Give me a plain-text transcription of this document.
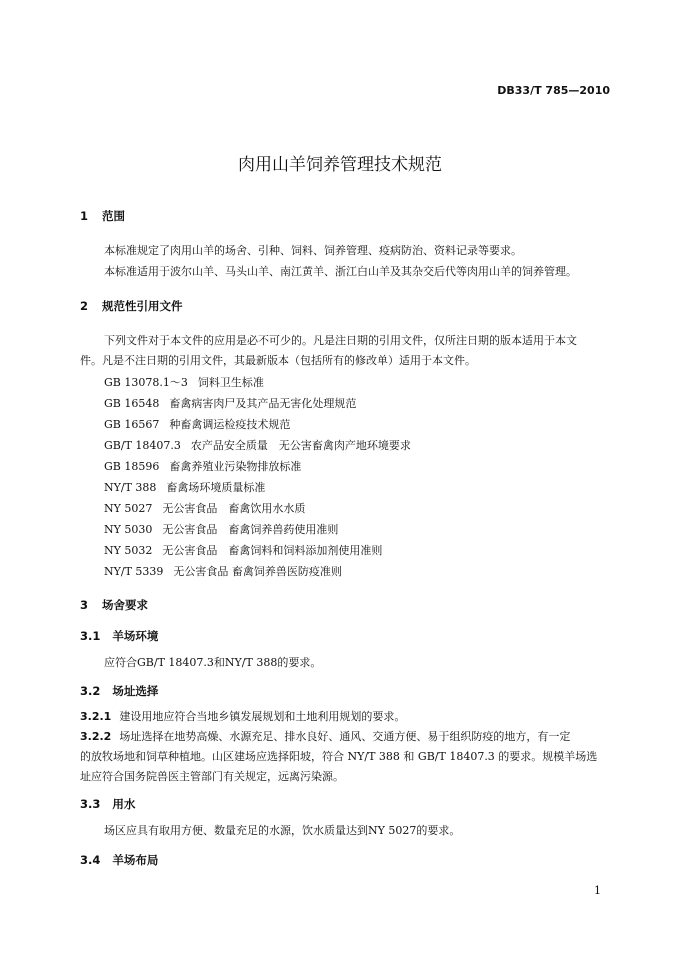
DB33/T 785—2010
肉用山羊饲养管理技术规范
1 范围
本标准规定了肉用山羊的场舍、引种、饲料、饲养管理、疫病防治、资料记录等要求。
本标准适用于波尔山羊、马头山羊、南江黄羊、浙江白山羊及其杂交后代等肉用山羊的饲养管理。
2 规范性引用文件
下列文件对于本文件的应用是必不可少的。凡是注日期的引用文件，仅所注日期的版本适用于本文
件。凡是不注日期的引用文件，其最新版本（包括所有的修改单）适用于本文件。
GB 13078.1～3 饲料卫生标准
GB 16548 畜禽病害肉尸及其产品无害化处理规范
GB 16567 种畜禽调运检疫技术规范
GB/T 18407.3 农产品安全质量　无公害畜禽肉产地环境要求
GB 18596 畜禽养殖业污染物排放标准
NY/T 388 畜禽场环境质量标准
NY 5027 无公害食品　畜禽饮用水水质
NY 5030 无公害食品　畜禽饲养兽药使用准则
NY 5032 无公害食品　畜禽饲料和饲料添加剂使用准则
NY/T 5339 无公害食品 畜禽饲养兽医防疫准则
3 场舍要求
3.1 羊场环境
应符合GB/T 18407.3和NY/T 388的要求。
3.2 场址选择
3.2.1 建设用地应符合当地乡镇发展规划和土地利用规划的要求。
3.2.2 场址选择在地势高燥、水源充足、排水良好、通风、交通方便、易于组织防疫的地方，有一定
的放牧场地和饲草种植地。山区建场应选择阳坡，符合 NY/T 388 和 GB/T 18407.3 的要求。规模羊场选
址应符合国务院兽医主管部门有关规定，远离污染源。
3.3 用水
场区应具有取用方便、数量充足的水源，饮水质量达到NY 5027的要求。
3.4 羊场布局
1
